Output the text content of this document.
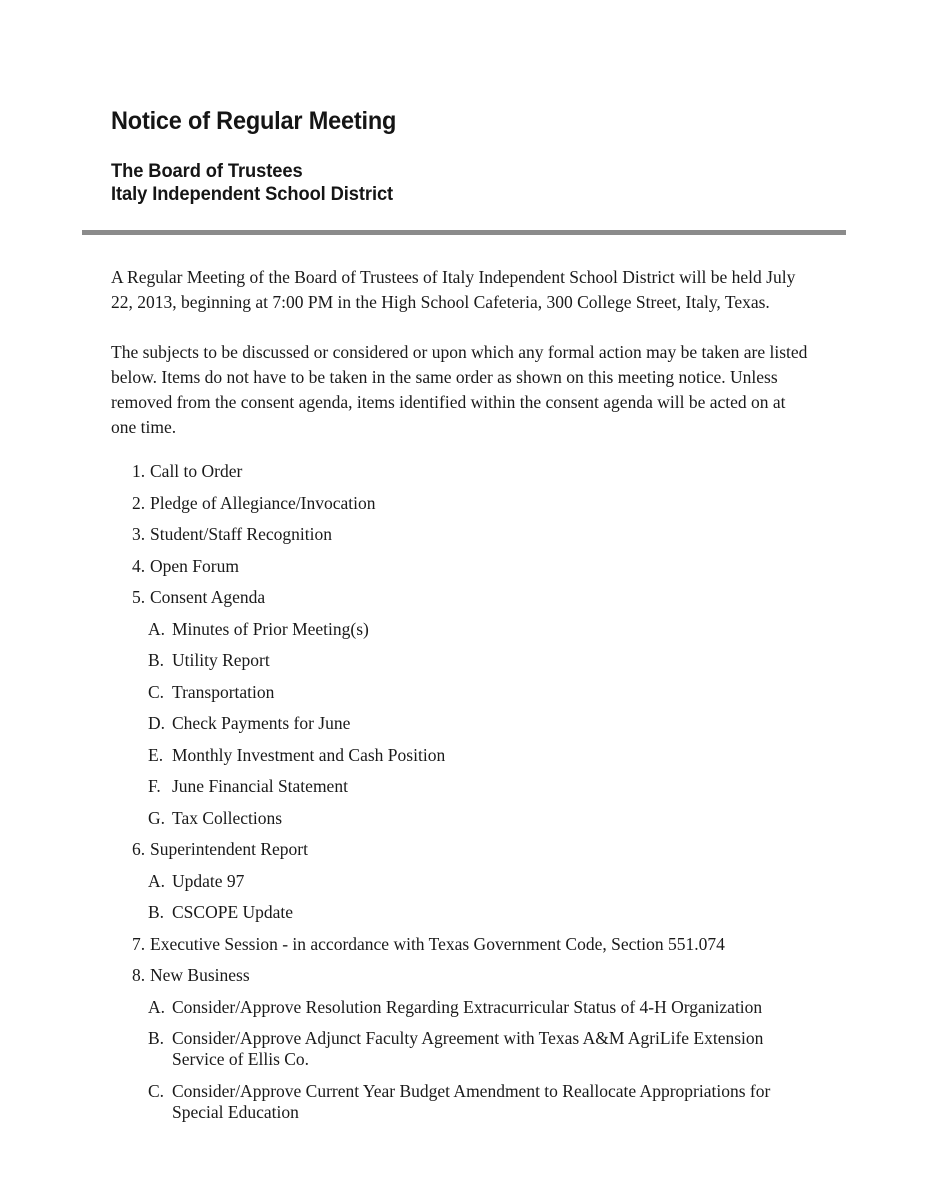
Notice of Regular Meeting
The Board of Trustees
Italy Independent School District

A Regular Meeting of the Board of Trustees of Italy Independent School District will be held July 22, 2013, beginning at 7:00 PM in the High School Cafeteria, 300 College Street, Italy, Texas.

The subjects to be discussed or considered or upon which any formal action may be taken are listed below. Items do not have to be taken in the same order as shown on this meeting notice. Unless removed from the consent agenda, items identified within the consent agenda will be acted on at one time.

1. Call to Order
2. Pledge of Allegiance/Invocation
3. Student/Staff Recognition
4. Open Forum
5. Consent Agenda
A. Minutes of Prior Meeting(s)
B. Utility Report
C. Transportation
D. Check Payments for June
E. Monthly Investment and Cash Position
F. June Financial Statement
G. Tax Collections
6. Superintendent Report
A. Update 97
B. CSCOPE Update
7. Executive Session - in accordance with Texas Government Code, Section 551.074
8. New Business
A. Consider/Approve Resolution Regarding Extracurricular Status of 4-H Organization
B. Consider/Approve Adjunct Faculty Agreement with Texas A&M AgriLife Extension Service of Ellis Co.
C. Consider/Approve Current Year Budget Amendment to Reallocate Appropriations for Special Education
